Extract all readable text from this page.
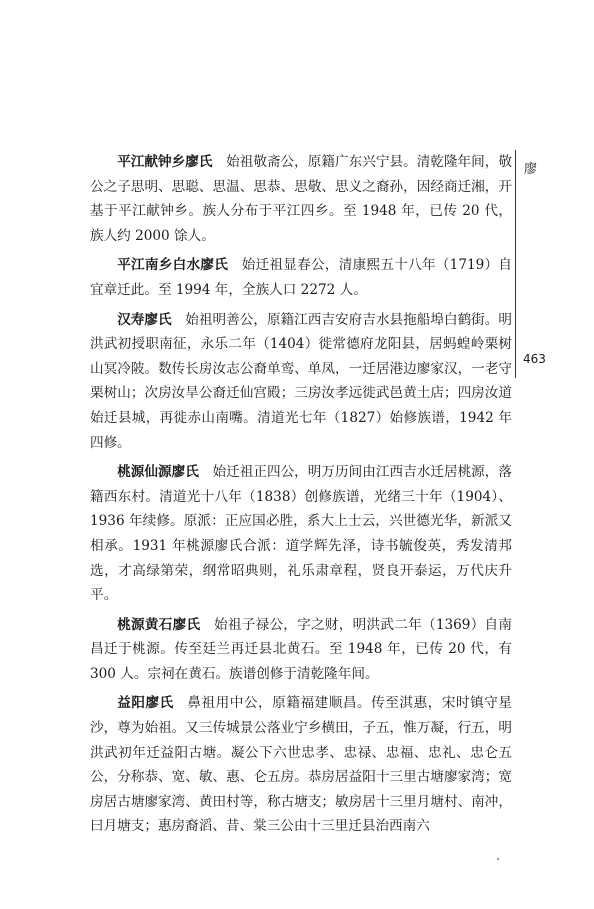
平江献钟乡廖氏 始祖敬斋公，原籍广东兴宁县。清乾隆年间，敬公之子思明、思聪、思温、思恭、思敬、思义之裔孙，因经商迁湘，开基于平江献钟乡。族人分布于平江四乡。至 1948 年，已传 20 代，族人约 2000 馀人。

平江南乡白水廖氏 始迁祖显春公，清康熙五十八年（1719）自宜章迁此。至 1994 年，全族人口 2272 人。

汉寿廖氏 始祖明善公，原籍江西吉安府吉水县拖船埠白鹤街。明洪武初授职南征，永乐二年（1404）徙常德府龙阳县，居蚂蝗岭栗树山冥冷陂。数传长房汝志公裔单鸾、单凤，一迁居港边廖家汉，一老守栗树山；次房汝旱公裔迁仙宫殿；三房汝孝远徙武邑黄土店；四房汝道始迁县城，再徙赤山南嘴。清道光七年（1827）始修族谱，1942 年四修。

桃源仙源廖氏 始迁祖正四公，明万历间由江西吉水迁居桃源，落籍西东村。清道光十八年（1838）创修族谱，光绪三十年（1904）、1936 年续修。原派：正应国必胜，系大上士云，兴世德光华，新派又相承。1931 年桃源廖氏合派：道学辉先泽，诗书毓俊英，秀发清邦选，才高绿第荣，纲常昭典则，礼乐肃章程，贤良开泰运，万代庆升平。

桃源黄石廖氏 始祖子禄公，字之财，明洪武二年（1369）自南昌迁于桃源。传至廷兰再迁县北黄石。至 1948 年，已传 20 代，有 300 人。宗祠在黄石。族谱创修于清乾隆年间。

益阳廖氏 鼻祖用中公，原籍福建顺昌。传至淇惠，宋时镇守星沙，尊为始祖。又三传城景公落业宁乡横田，子五，惟万凝，行五，明洪武初年迁益阳古塘。凝公下六世忠孝、忠禄、忠福、忠礼、忠仑五公，分称恭、宽、敏、惠、仑五房。恭房居益阳十三里古塘廖家湾；宽房居古塘廖家湾、黄田村等，称古塘支；敏房居十三里月塘村、南冲，曰月塘支；惠房裔滔、昔、棠三公由十三里迁县治西南六

廖
463
